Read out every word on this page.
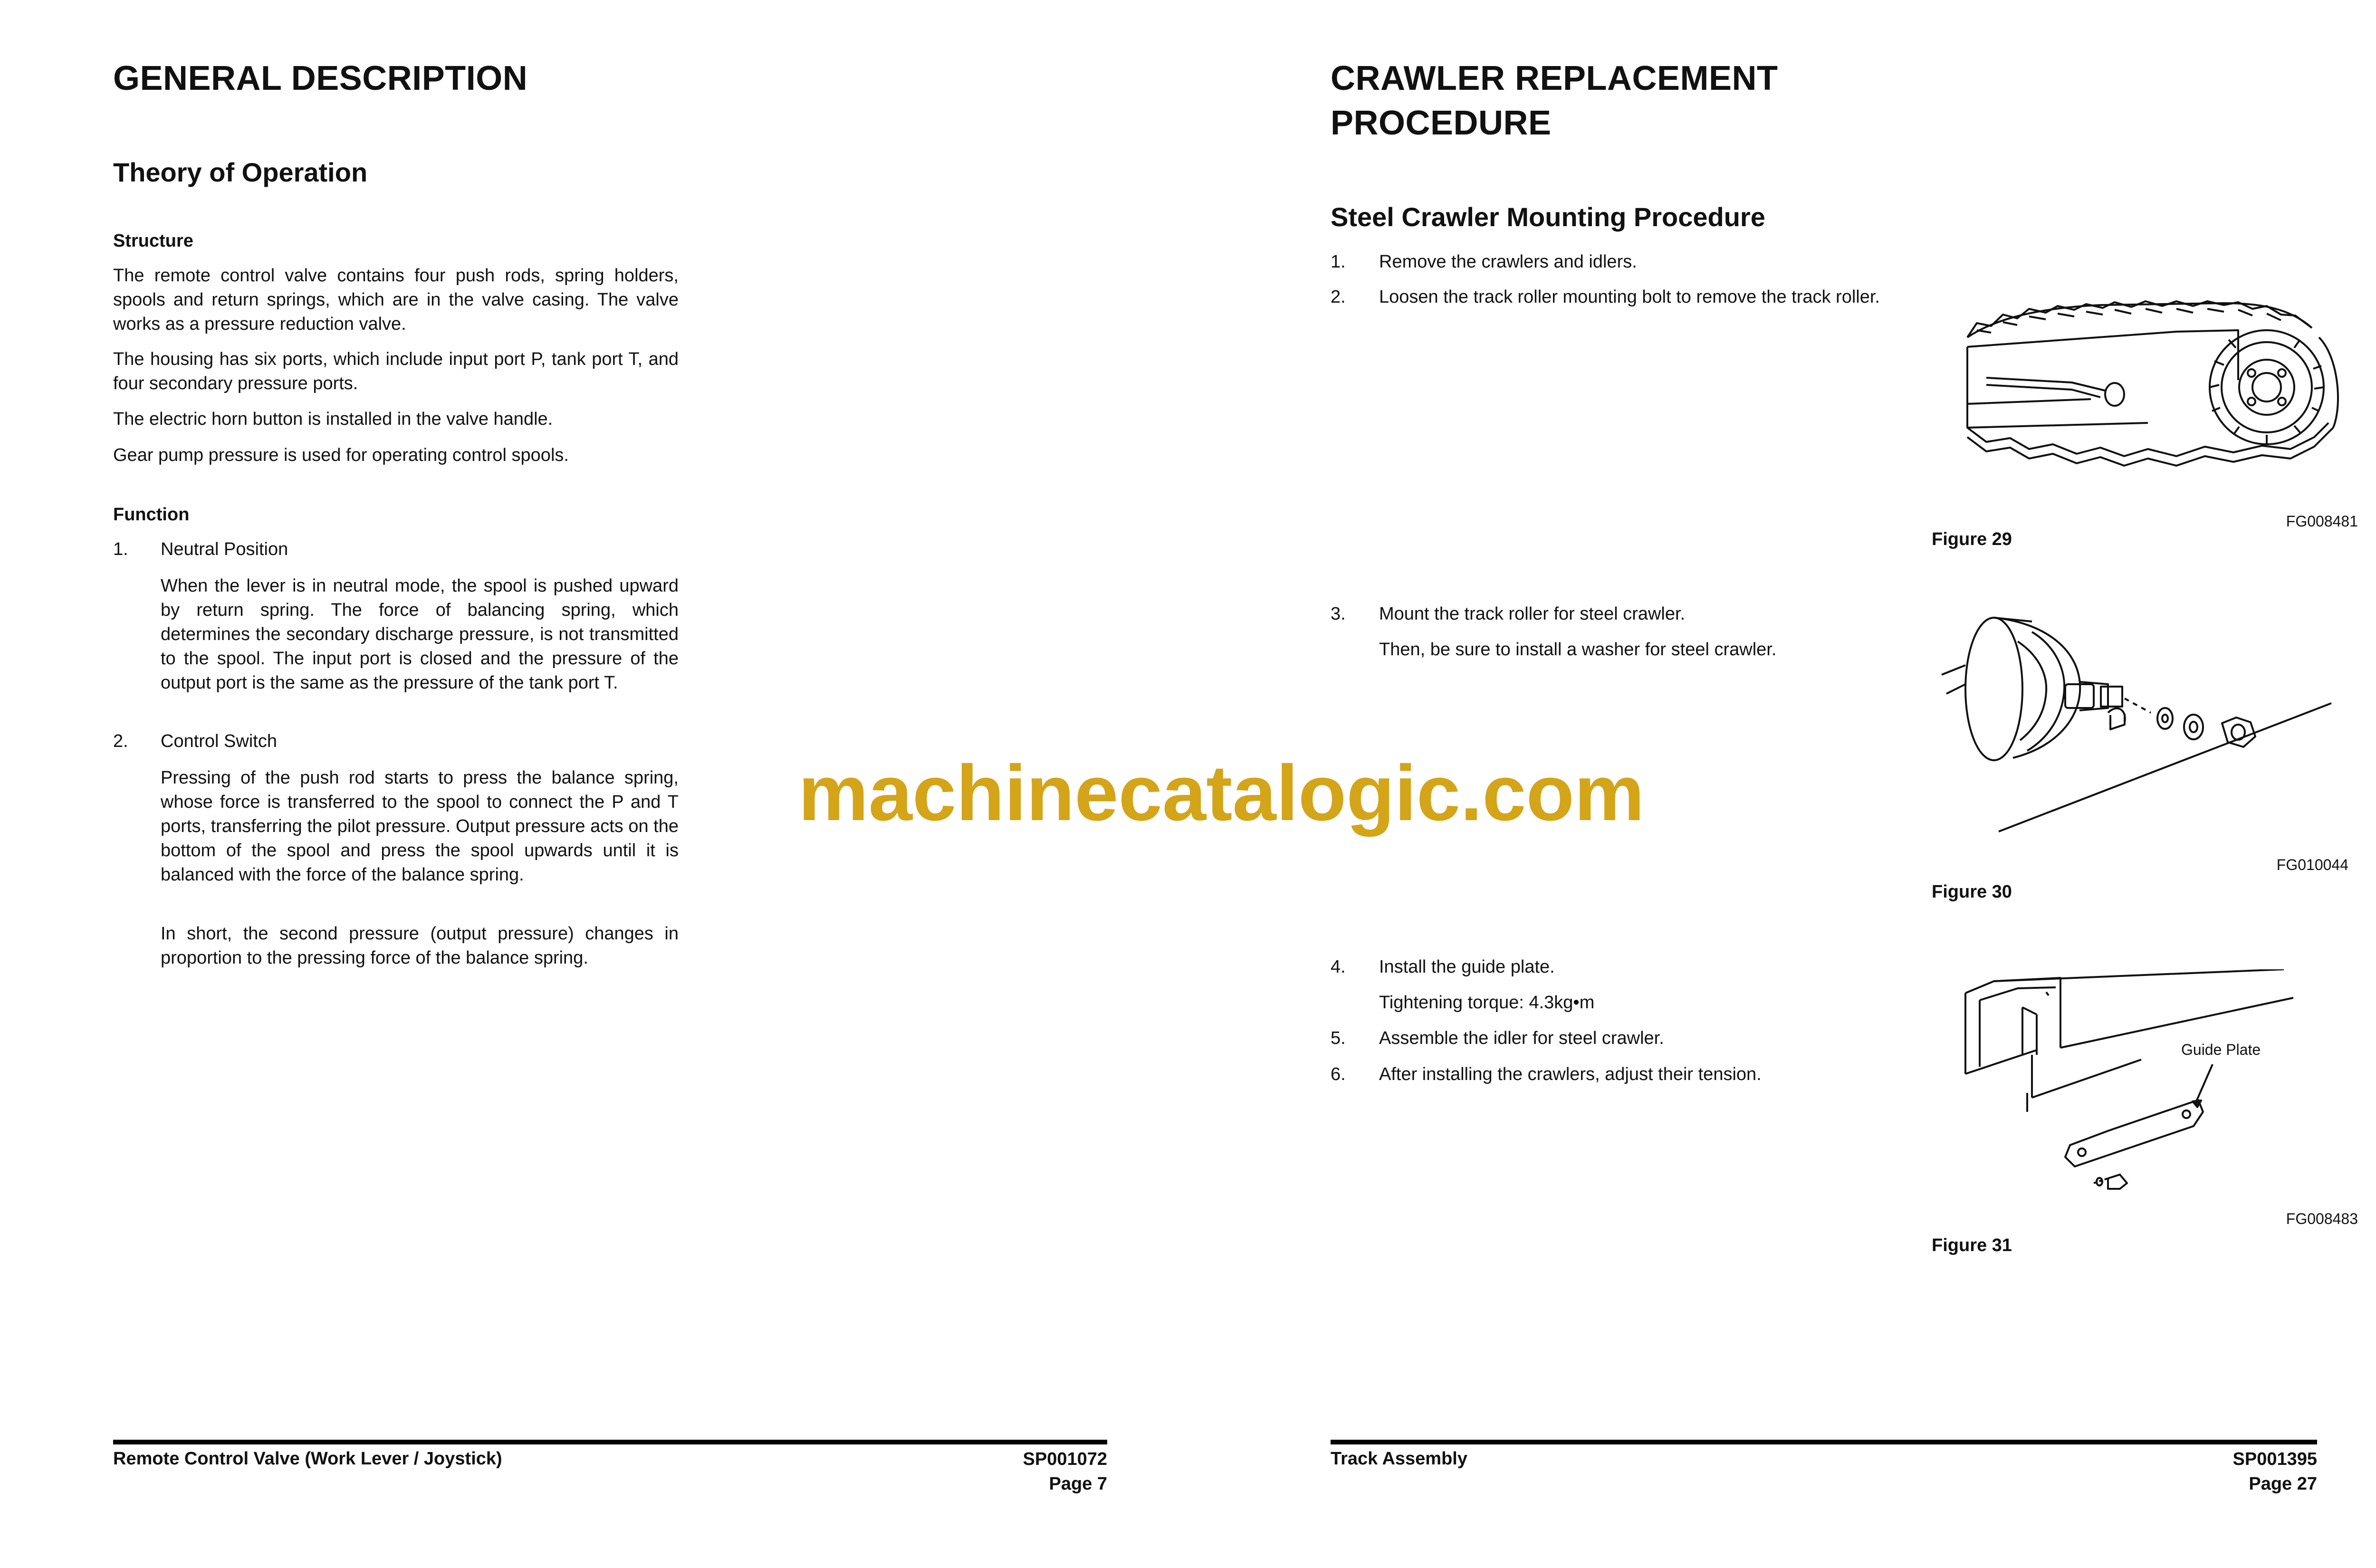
GENERAL DESCRIPTION
Theory of Operation
Structure

The remote control valve contains four push rods, spring holders, spools and return springs, which are in the valve casing. The valve works as a pressure reduction valve.

The housing has six ports, which include input port P, tank port T, and four secondary pressure ports.

The electric horn button is installed in the valve handle.

Gear pump pressure is used for operating control spools.

Function
1. Neutral Position

When the lever is in neutral mode, the spool is pushed upward by return spring. The force of balancing spring, which determines the secondary discharge pressure, is not transmitted to the spool. The input port is closed and the pressure of the output port is the same as the pressure of the tank port T.

2. Control Switch

Pressing of the push rod starts to press the balance spring, whose force is transferred to the spool to connect the P and T ports, transferring the pilot pressure. Output pressure acts on the bottom of the spool and press the spool upwards until it is balanced with the force of the balance spring.

In short, the second pressure (output pressure) changes in proportion to the pressing force of the balance spring.

Remote Control Valve (Work Lever / Joystick)	SP001072
Page 7
CRAWLER REPLACEMENT
PROCEDURE
Steel Crawler Mounting Procedure
1. Remove the crawlers and idlers.

2. Loosen the track roller mounting bolt to remove the track roller.

3. Mount the track roller for steel crawler.

Then, be sure to install a washer for steel crawler.

4. Install the guide plate.

Tightening torque: 4.3kg•m

5. Assemble the idler for steel crawler.

6. After installing the crawlers, adjust their tension.

FG008481
Figure 29
FG010044
Figure 30
Guide Plate
FG008483
Figure 31
Track Assembly	SP001395
Page 27
machinecatalogic.com
